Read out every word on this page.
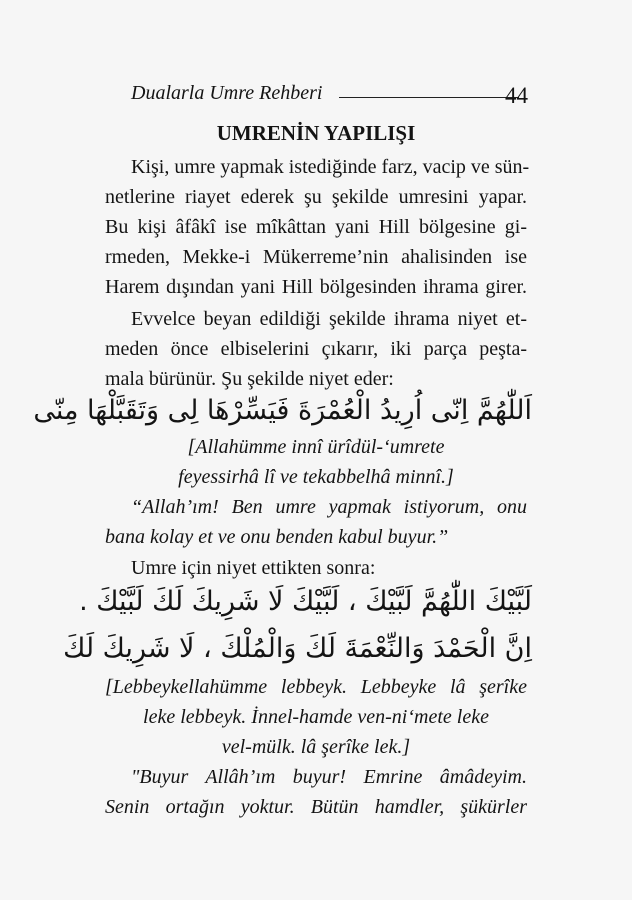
Dualarla Umre Rehberi	44
UMRENİN YAPILIŞI
Kişi, umre yapmak istediğinde farz, vacip ve sün-
netlerine riayet ederek şu şekilde umresini yapar.
Bu kişi âfâkî ise mîkâttan yani Hill bölgesine gi-
rmeden, Mekke-i Mükerreme’nin ahalisinden ise
Harem dışından yani Hill bölgesinden ihrama girer.
Evvelce beyan edildiği şekilde ihrama niyet et-
meden önce elbiselerini çıkarır, iki parça peşta-
mala bürünür. Şu şekilde niyet eder:
اَللّٰهُمَّ اِنّى اُرِيدُ الْعُمْرَةَ فَيَسِّرْهَا لِى وَتَقَبَّلْهَا مِنّى
[Allahümme innî ürîdül-‘umrete
feyessirhâ lî ve tekabbelhâ minnî.]
“Allah’ım! Ben umre yapmak istiyorum, onu
bana kolay et ve onu benden kabul buyur.”
Umre için niyet ettikten sonra:
لَبَّيْكَ اللّٰهُمَّ لَبَّيْكَ ، لَبَّيْكَ لَا شَرِيكَ لَكَ لَبَّيْكَ .
اِنَّ الْحَمْدَ وَالنِّعْمَةَ لَكَ وَالْمُلْكَ ، لَا شَرِيكَ لَكَ
[Lebbeykellahümme lebbeyk. Lebbeyke lâ şerîke
leke lebbeyk. İnnel-hamde ven-ni‘mete leke
vel-mülk. lâ şerîke lek.]
"Buyur Allâh’ım buyur! Emrine âmâdeyim.
Senin ortağın yoktur. Bütün hamdler, şükürler
